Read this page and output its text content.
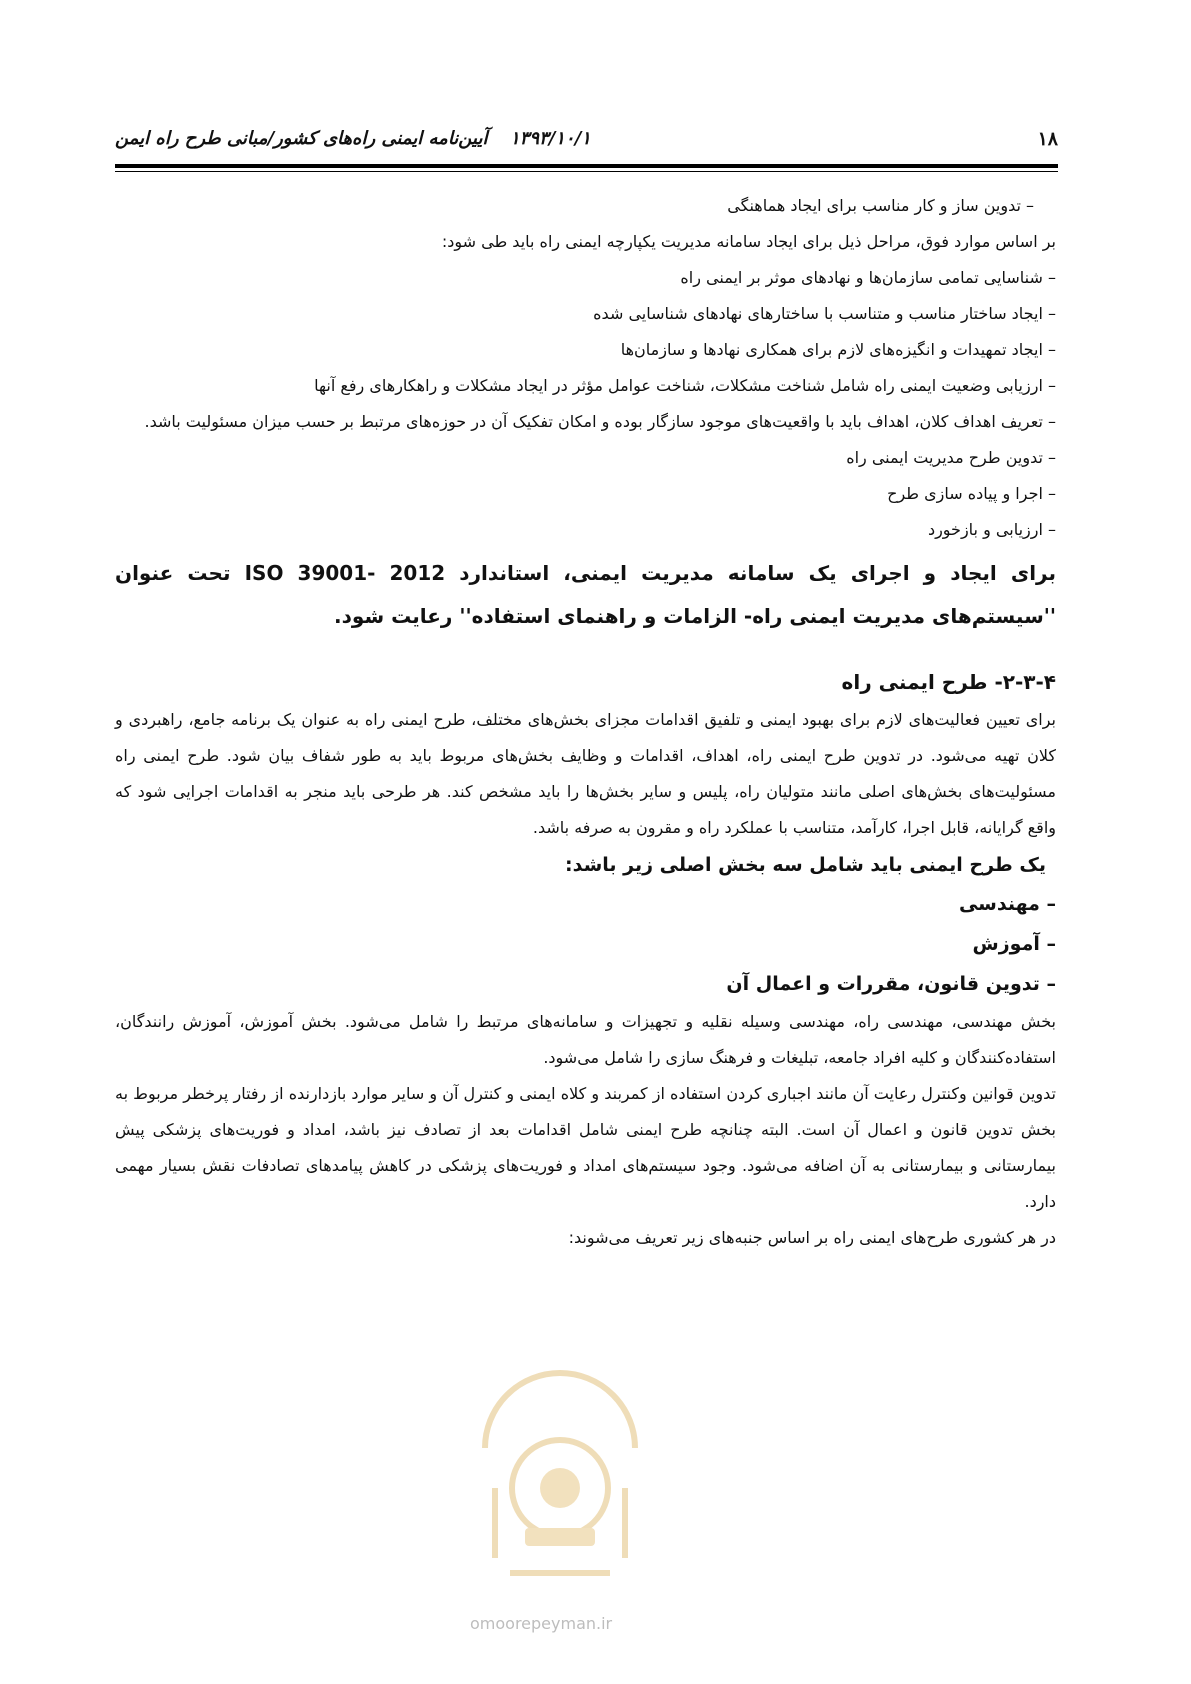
۱۸
۱۳۹۳/۱۰/۱
آیین‌نامه ایمنی راه‌های کشور/مبانی طرح راه ایمن

– تدوین ساز و کار مناسب برای ایجاد هماهنگی

بر اساس موارد فوق، مراحل ذیل برای ایجاد سامانه مدیریت یکپارچه ایمنی راه باید طی شود:

– شناسایی تمامی سازمان‌ها و نهادهای موثر بر ایمنی راه

– ایجاد ساختار مناسب و متناسب با ساختارهای نهادهای شناسایی شده

– ایجاد تمهیدات و انگیزه‌های لازم برای همکاری نهادها و سازمان‌ها

– ارزیابی وضعیت ایمنی راه شامل شناخت مشکلات، شناخت عوامل مؤثر در ایجاد مشکلات و راهکارهای رفع آنها

– تعریف اهداف کلان، اهداف باید با واقعیت‌های موجود سازگار بوده و امکان تفکیک آن در حوزه‌های مرتبط بر حسب میزان مسئولیت باشد.

– تدوین طرح مدیریت ایمنی راه

– اجرا و پیاده سازی طرح

– ارزیابی و بازخورد

برای ایجاد و اجرای یک سامانه مدیریت ایمنی، استاندارد ISO 39001- 2012 تحت عنوان ''سیستم‌های مدیریت ایمنی راه- الزامات و راهنمای استفاده'' رعایت شود.

۲-۳-۴- طرح ایمنی راه

برای تعیین فعالیت‌های لازم برای بهبود ایمنی و تلفیق اقدامات مجزای بخش‌های مختلف، طرح ایمنی راه به عنوان یک برنامه جامع، راهبردی و کلان تهیه می‌شود. در تدوین طرح ایمنی راه، اهداف، اقدامات و وظایف بخش‌های مربوط باید به طور شفاف بیان شود. طرح ایمنی راه مسئولیت‌های بخش‌های اصلی مانند متولیان راه، پلیس و سایر بخش‌ها را باید مشخص کند. هر طرحی باید منجر به اقدامات اجرایی شود که واقع گرایانه، قابل اجرا، کارآمد، متناسب با عملکرد راه و مقرون به صرفه باشد.

یک طرح ایمنی باید شامل سه بخش اصلی زیر باشد:

– مهندسی

– آموزش

– تدوین قانون، مقررات و اعمال آن

بخش مهندسی، مهندسی راه، مهندسی وسیله نقلیه و تجهیزات و سامانه‌های مرتبط را شامل می‌شود. بخش آموزش، آموزش رانندگان، استفاده‌کنندگان و کلیه افراد جامعه، تبلیغات و فرهنگ سازی را شامل می‌شود.

تدوین قوانین وکنترل رعایت آن مانند اجباری کردن استفاده از کمربند و کلاه ایمنی و کنترل آن و سایر موارد بازدارنده از رفتار پرخطر مربوط به بخش تدوین قانون و اعمال آن است. البته چنانچه طرح ایمنی شامل اقدامات بعد از تصادف نیز باشد، امداد و فوریت‌های پزشکی پیش بیمارستانی و بیمارستانی به آن اضافه می‌شود. وجود سیستم‌های امداد و فوریت‌های پزشکی در کاهش پیامدهای تصادفات نقش بسیار مهمی دارد.

در هر کشوری طرح‌های ایمنی راه بر اساس جنبه‌های زیر تعریف می‌شوند:

omoorepeyman.ir
